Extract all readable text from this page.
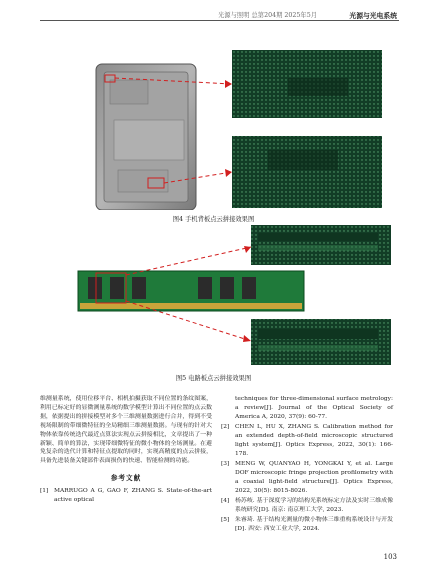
光源与照明 总第204期 2025年5月	光源与光电系统
图4 手机背板点云拼接效果图
图5 电路板点云拼接效果图
维测量系统，使用位移平台、相机拍摄获取不同位置的条纹图案，利用已标定好的显微测量系统的数学模型计算出不同位置的点云数据，依据提出的拼接模型对多个三维测量数据进行合并，得到不受视场限制的带细微特征的全局精细三维测量数据。与现有的针对大物体依靠传统迭代最近点算法实现点云拼接相比，文章提出了一种新颖、简单的算法，实现带细微特征的微小物体的全场测量。在避免复杂的迭代计算和特征点提取的同时，实现高精度的点云拼接，具备先进装备关键部件表面损伤的快速、智能检测的功能。
参考文献
[1] MARRUGO A G, GAO F, ZHANG S. State-of-the-art active optical
techniques for three-dimensional surface metrology: a review[J]. Journal of the Optical Society of America A, 2020, 37(9): 60-77.
[2] CHEN L, HU X, ZHANG S. Calibration method for an extended depth-of-field microscopic structured light system[J]. Optics Express, 2022, 30(1): 166-178.
[3] MENG W, QUANYAO H, YONGKAI Y, et al. Large DOF microscopic fringe projection profilometry with a coaxial light-field structure[J]. Optics Express, 2022, 30(5): 8015-8026.
[4] 杨苏岐. 基于深度学习的结构光系统标定方法及实时三维成像系统研究[D]. 南京: 南京理工大学, 2023.
[5] 朱睿琦. 基于结构光测量的微小物体三维重构系统设计与开发[D]. 西安: 西安工业大学, 2024.
103
